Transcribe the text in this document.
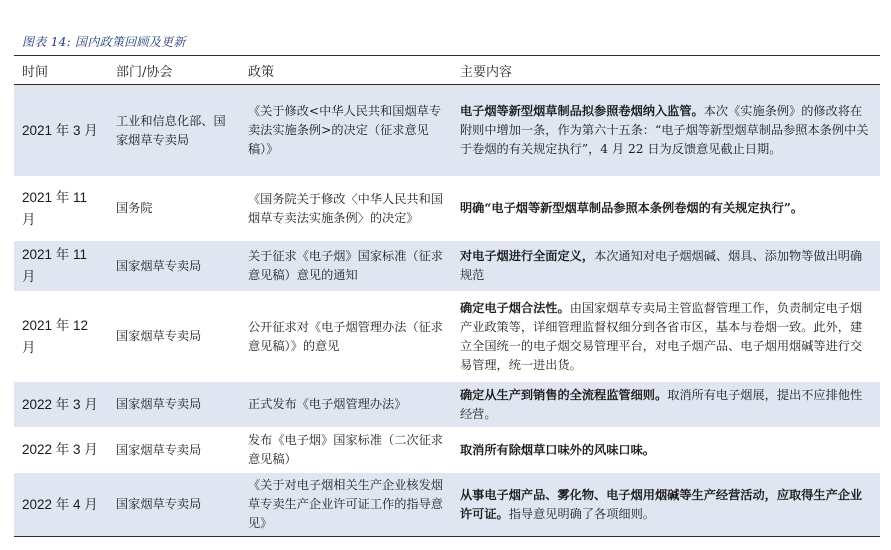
图表 14: 国内政策回顾及更新
时间	部门/协会	政策	主要内容
2021 年 3 月	工业和信息化部、国家烟草专卖局	《关于修改<中华人民共和国烟草专卖法实施条例>的决定（征求意见稿）》	电子烟等新型烟草制品拟参照卷烟纳入监管。本次《实施条例》的修改将在附则中增加一条，作为第六十五条：“电子烟等新型烟草制品参照本条例中关于卷烟的有关规定执行”，4 月 22 日为反馈意见截止日期。
2021 年 11 月	国务院	《国务院关于修改〈中华人民共和国烟草专卖法实施条例〉的决定》	明确“电子烟等新型烟草制品参照本条例卷烟的有关规定执行”。
2021 年 11 月	国家烟草专卖局	关于征求《电子烟》国家标准（征求意见稿）意见的通知	对电子烟进行全面定义，本次通知对电子烟烟碱、烟具、添加物等做出明确规范
2021 年 12 月	国家烟草专卖局	公开征求对《电子烟管理办法（征求意见稿）》的意见	确定电子烟合法性。由国家烟草专卖局主管监督管理工作，负责制定电子烟产业政策等，详细管理监督权细分到各省市区，基本与卷烟一致。此外，建立全国统一的电子烟交易管理平台，对电子烟产品、电子烟用烟碱等进行交易管理，统一进出货。
2022 年 3 月	国家烟草专卖局	正式发布《电子烟管理办法》	确定从生产到销售的全流程监管细则。取消所有电子烟展，提出不应排他性经营。
2022 年 3 月	国家烟草专卖局	发布《电子烟》国家标准（二次征求意见稿）	取消所有除烟草口味外的风味口味。
2022 年 4 月	国家烟草专卖局	《关于对电子烟相关生产企业核发烟草专卖生产企业许可证工作的指导意见》	从事电子烟产品、雾化物、电子烟用烟碱等生产经营活动，应取得生产企业许可证。指导意见明确了各项细则。
